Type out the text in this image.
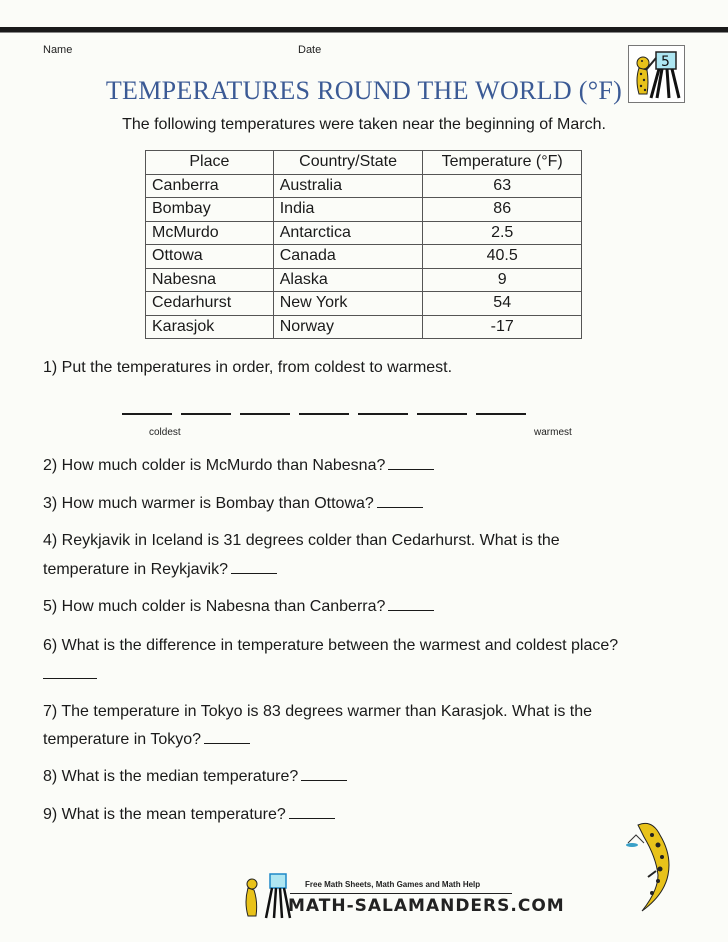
Name	Date
5
TEMPERATURES ROUND THE WORLD (°F)
The following temperatures were taken near the beginning of March.
Place	Country/State	Temperature (°F)
Canberra	Australia	63
Bombay	India	86
McMurdo	Antarctica	2.5
Ottowa	Canada	40.5
Nabesna	Alaska	9
Cedarhurst	New York	54
Karasjok	Norway	-17
1) Put the temperatures in order, from coldest to warmest.
coldest	warmest
2) How much colder is McMurdo than Nabesna?
3) How much warmer is Bombay than Ottowa?
4) Reykjavik in Iceland is 31 degrees colder than Cedarhurst. What is the
temperature in Reykjavik?
5) How much colder is Nabesna than Canberra?
6) What is the difference in temperature between the warmest and coldest place?
7) The temperature in Tokyo is 83 degrees warmer than Karasjok. What is the
temperature in Tokyo?
8) What is the median temperature?
9) What is the mean temperature?
Free Math Sheets, Math Games and Math Help
MATH-SALAMANDERS.COM
